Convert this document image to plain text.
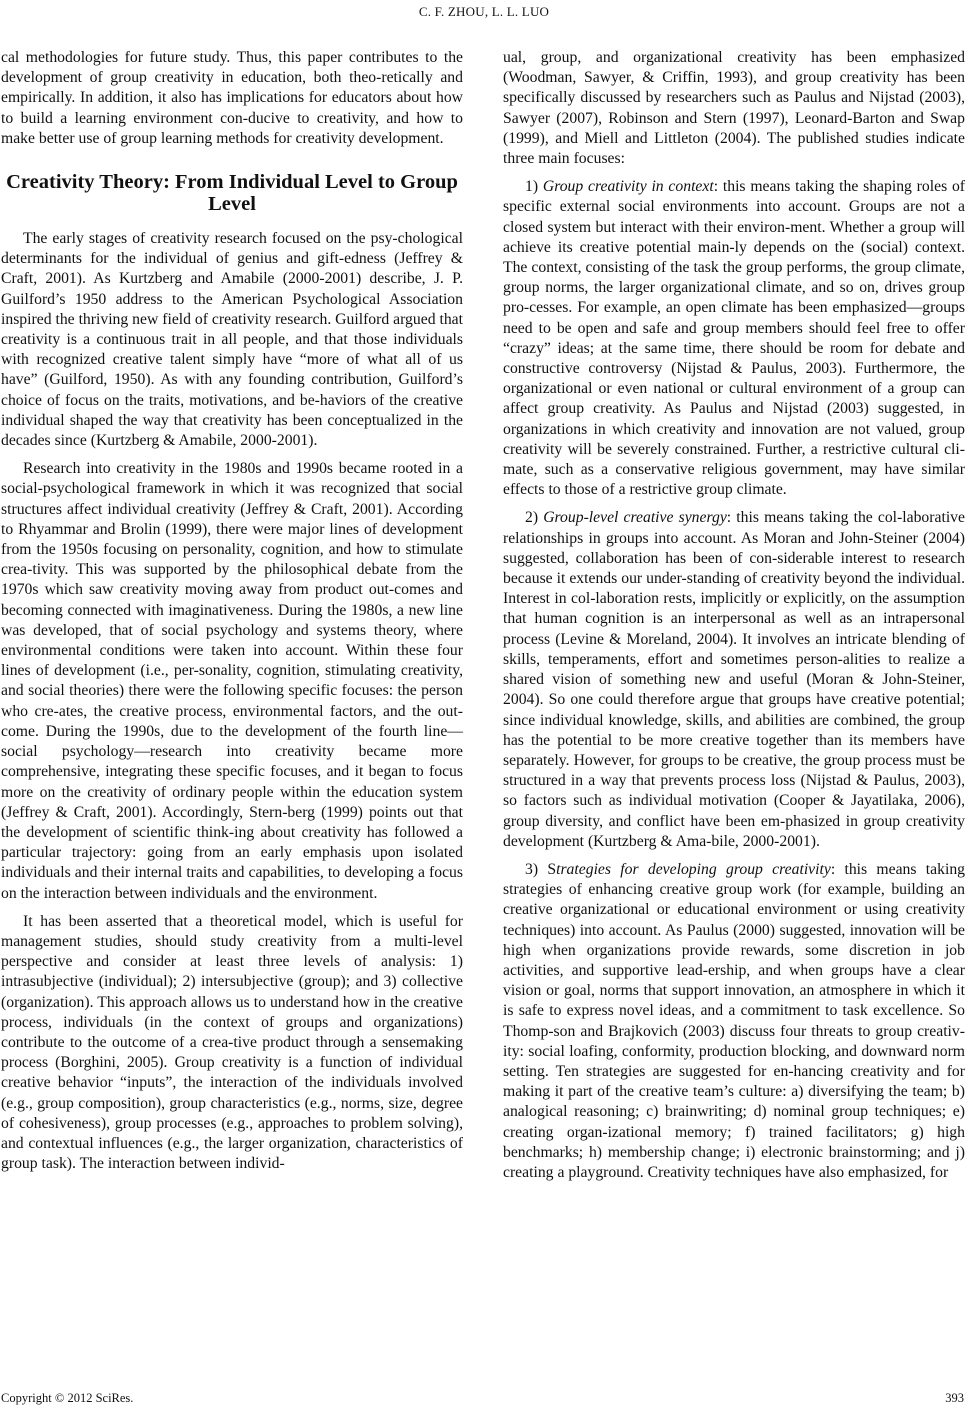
C. F. ZHOU, L. L. LUO

cal methodologies for future study. Thus, this paper contributes to the development of group creativity in education, both theo-retically and empirically. In addition, it also has implications for educators about how to build a learning environment con-ducive to creativity, and how to make better use of group learning methods for creativity development.

Creativity Theory: From Individual Level to Group Level

The early stages of creativity research focused on the psy-chological determinants for the individual of genius and gift-edness (Jeffrey & Craft, 2001). As Kurtzberg and Amabile (2000-2001) describe, J. P. Guilford’s 1950 address to the American Psychological Association inspired the thriving new field of creativity research. Guilford argued that creativity is a continuous trait in all people, and that those individuals with recognized creative talent simply have “more of what all of us have” (Guilford, 1950). As with any founding contribution, Guilford’s choice of focus on the traits, motivations, and be-haviors of the creative individual shaped the way that creativity has been conceptualized in the decades since (Kurtzberg & Amabile, 2000-2001).

Research into creativity in the 1980s and 1990s became rooted in a social-psychological framework in which it was recognized that social structures affect individual creativity (Jeffrey & Craft, 2001). According to Rhyammar and Brolin (1999), there were major lines of development from the 1950s focusing on personality, cognition, and how to stimulate crea-tivity. This was supported by the philosophical debate from the 1970s which saw creativity moving away from product out-comes and becoming connected with imaginativeness. During the 1980s, a new line was developed, that of social psychology and systems theory, where environmental conditions were taken into account. Within these four lines of development (i.e., per-sonality, cognition, stimulating creativity, and social theories) there were the following specific focuses: the person who cre-ates, the creative process, environmental factors, and the out-come. During the 1990s, due to the development of the fourth line—social psychology—research into creativity became more comprehensive, integrating these specific focuses, and it began to focus more on the creativity of ordinary people within the education system (Jeffrey & Craft, 2001). Accordingly, Stern-berg (1999) points out that the development of scientific think-ing about creativity has followed a particular trajectory: going from an early emphasis upon isolated individuals and their internal traits and capabilities, to developing a focus on the interaction between individuals and the environment.

It has been asserted that a theoretical model, which is useful for management studies, should study creativity from a multi-level perspective and consider at least three levels of analysis: 1) intrasubjective (individual); 2) intersubjective (group); and 3) collective (organization). This approach allows us to understand how in the creative process, individuals (in the context of groups and organizations) contribute to the outcome of a crea-tive product through a sensemaking process (Borghini, 2005). Group creativity is a function of individual creative behavior “inputs”, the interaction of the individuals involved (e.g., group composition), group characteristics (e.g., norms, size, degree of cohesiveness), group processes (e.g., approaches to problem solving), and contextual influences (e.g., the larger organization, characteristics of group task). The interaction between individ-

ual, group, and organizational creativity has been emphasized (Woodman, Sawyer, & Criffin, 1993), and group creativity has been specifically discussed by researchers such as Paulus and Nijstad (2003), Sawyer (2007), Robinson and Stern (1997), Leonard-Barton and Swap (1999), and Miell and Littleton (2004). The published studies indicate three main focuses:

1) Group creativity in context: this means taking the shaping roles of specific external social environments into account. Groups are not a closed system but interact with their environ-ment. Whether a group will achieve its creative potential main-ly depends on the (social) context. The context, consisting of the task the group performs, the group climate, group norms, the larger organizational climate, and so on, drives group pro-cesses. For example, an open climate has been emphasized—groups need to be open and safe and group members should feel free to offer “crazy” ideas; at the same time, there should be room for debate and constructive controversy (Nijstad & Paulus, 2003). Furthermore, the organizational or even national or cultural environment of a group can affect group creativity. As Paulus and Nijstad (2003) suggested, in organizations in which creativity and innovation are not valued, group creativity will be severely constrained. Further, a restrictive cultural cli-mate, such as a conservative religious government, may have similar effects to those of a restrictive group climate.

2) Group-level creative synergy: this means taking the col-laborative relationships in groups into account. As Moran and John-Steiner (2004) suggested, collaboration has been of con-siderable interest to research because it extends our under-standing of creativity beyond the individual. Interest in col-laboration rests, implicitly or explicitly, on the assumption that human cognition is an interpersonal as well as an intrapersonal process (Levine & Moreland, 2004). It involves an intricate blending of skills, temperaments, effort and sometimes person-alities to realize a shared vision of something new and useful (Moran & John-Steiner, 2004). So one could therefore argue that groups have creative potential; since individual knowledge, skills, and abilities are combined, the group has the potential to be more creative together than its members have separately. However, for groups to be creative, the group process must be structured in a way that prevents process loss (Nijstad & Paulus, 2003), so factors such as individual motivation (Cooper & Jayatilaka, 2006), group diversity, and conflict have been em-phasized in group creativity development (Kurtzberg & Ama-bile, 2000-2001).

3) Strategies for developing group creativity: this means taking strategies of enhancing creative group work (for example, building an creative organizational or educational environment or using creativity techniques) into account. As Paulus (2000) suggested, innovation will be high when organizations provide rewards, some discretion in job activities, and supportive lead-ership, and when groups have a clear vision or goal, norms that support innovation, an atmosphere in which it is safe to express novel ideas, and a commitment to task excellence. So Thomp-son and Brajkovich (2003) discuss four threats to group creativ-ity: social loafing, conformity, production blocking, and downward norm setting. Ten strategies are suggested for en-hancing creativity and for making it part of the creative team’s culture: a) diversifying the team; b) analogical reasoning; c) brainwriting; d) nominal group techniques; e) creating organ-izational memory; f) trained facilitators; g) high benchmarks; h) membership change; i) electronic brainstorming; and j) creating a playground. Creativity techniques have also emphasized, for

Copyright © 2012 SciRes.	393
